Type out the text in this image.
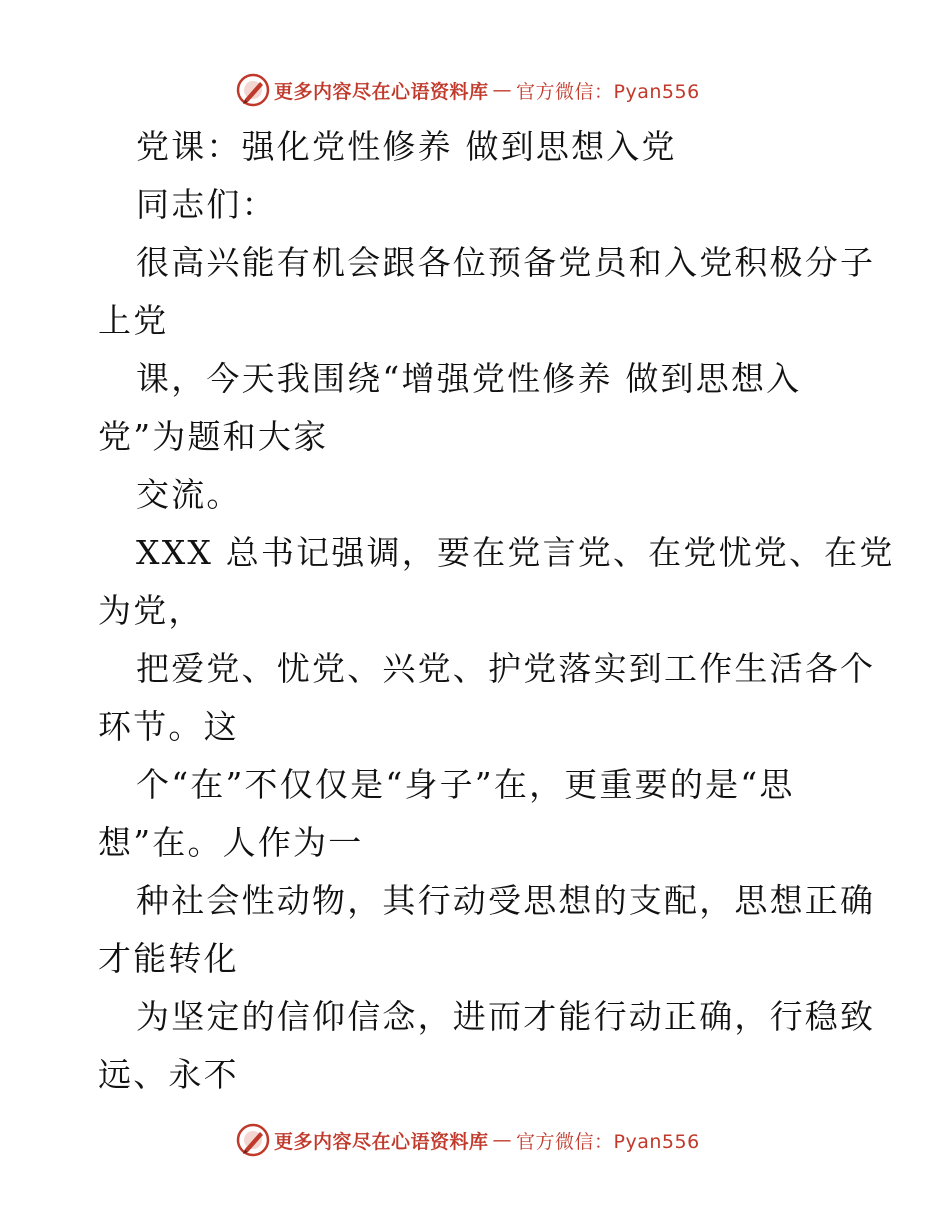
更多内容尽在心语资料库 — 官方微信：Pyan556

党课：强化党性修养 做到思想入党

同志们：

很高兴能有机会跟各位预备党员和入党积极分子

上党

课，今天我围绕“增强党性修养 做到思想入

党”为题和大家

交流。

XXX 总书记强调，要在党言党、在党忧党、在党

为党，

把爱党、忧党、兴党、护党落实到工作生活各个

环节。这

个“在”不仅仅是“身子”在，更重要的是“思

想”在。人作为一

种社会性动物，其行动受思想的支配，思想正确

才能转化

为坚定的信仰信念，进而才能行动正确，行稳致

远、永不

更多内容尽在心语资料库 — 官方微信：Pyan556
